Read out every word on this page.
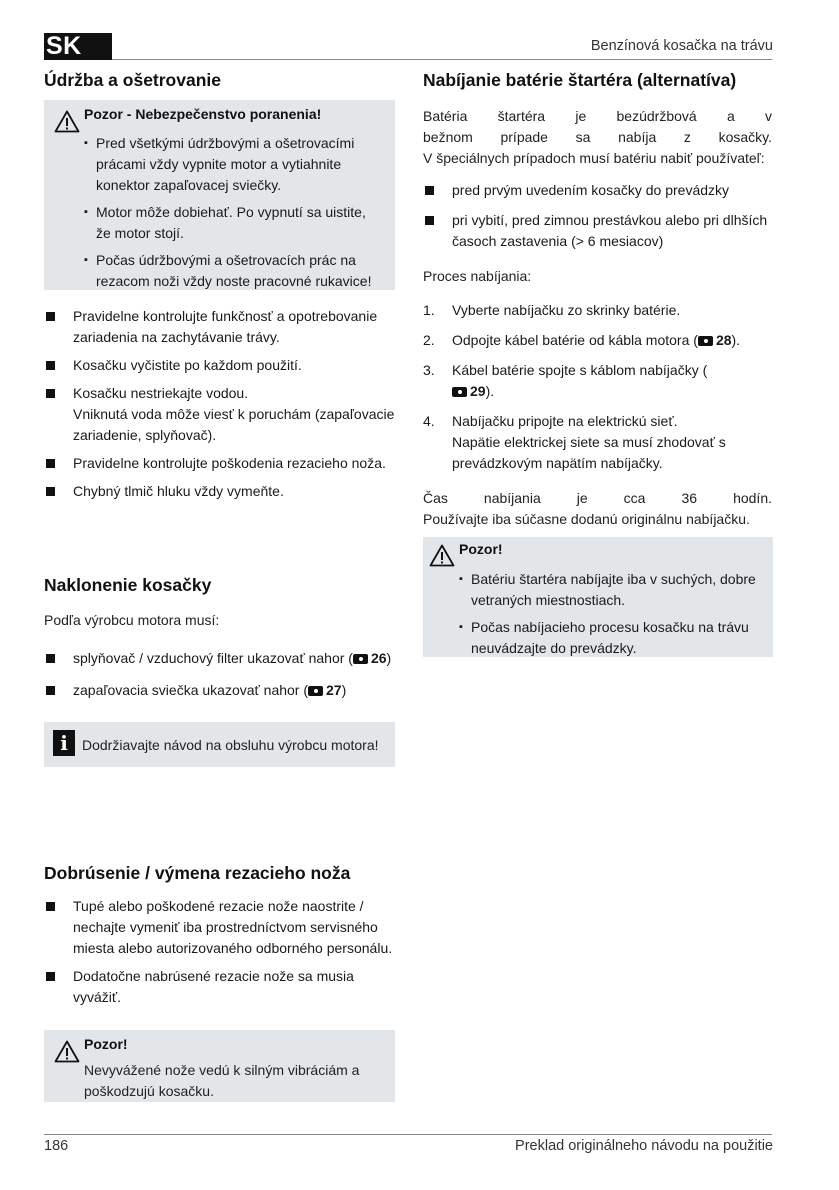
SK	Benzínová kosačka na trávu
Údržba a ošetrovanie
Pozor - Nebezpečenstvo poranenia!
▪ Pred všetkými údržbovými a ošetrovacími prácami vždy vypnite motor a vytiahnite konektor zapaľovacej sviečky.
▪ Motor môže dobiehať. Po vypnutí sa uistite, že motor stojí.
▪ Počas údržbovými a ošetrovacích prác na rezacom noži vždy noste pracovné rukavice!
Pravidelne kontrolujte funkčnosť a opotrebovanie zariadenia na zachytávanie trávy.
Kosačku vyčistite po každom použití.
Kosačku nestriekajte vodou.
Vniknutá voda môže viesť k poruchám (zapaľovacie zariadenie, splyňovač).
Pravidelne kontrolujte poškodenia rezacieho noža.
Chybný tlmič hluku vždy vymeňte.
Naklonenie kosačky
Podľa výrobcu motora musí:
splyňovač / vzduchový filter ukazovať nahor ( 26)
zapaľovacia sviečka ukazovať nahor ( 27)
i	Dodržiavajte návod na obsluhu výrobcu motora!
Dobrúsenie / výmena rezacieho noža
Tupé alebo poškodené rezacie nože naostrite / nechajte vymeniť iba prostredníctvom servisného miesta alebo autorizovaného odborného personálu.
Dodatočne nabrúsené rezacie nože sa musia vyvážiť.
Pozor!
Nevyvážené nože vedú k silným vibráciám a poškodzujú kosačku.
Nabíjanie batérie štartéra (alternatíva)
Batéria štartéra je bezúdržbová a v
bežnom prípade sa nabíja z kosačky.
V špeciálnych prípadoch musí batériu nabiť používateľ:
pred prvým uvedením kosačky do prevádzky
pri vybití, pred zimnou prestávkou alebo pri dlhších časoch zastavenia (> 6 mesiacov)
Proces nabíjania:
1. Vyberte nabíjačku zo skrinky batérie.
2. Odpojte kábel batérie od kábla motora ( 28).
3. Kábel batérie spojte s káblom nabíjačky (29).
4. Nabíjačku pripojte na elektrickú sieť.
Napätie elektrickej siete sa musí zhodovať s prevádzkovým napätím nabíjačky.
Čas nabíjania je cca 36 hodín.
Používajte iba súčasne dodanú originálnu nabíjačku.
Pozor!
▪ Batériu štartéra nabíjajte iba v suchých, dobre vetraných miestnostiach.
▪ Počas nabíjacieho procesu kosačku na trávu neuvádzajte do prevádzky.
186	Preklad originálneho návodu na použitie
